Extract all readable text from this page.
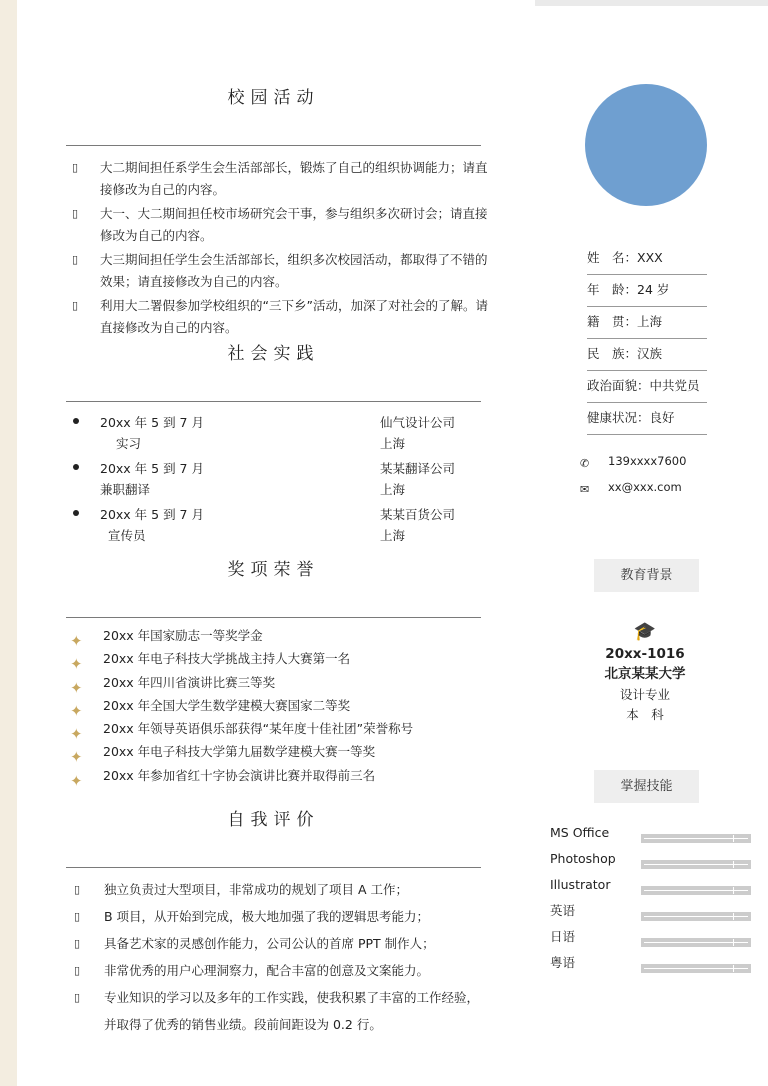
校园活动
▯ 大二期间担任系学生会生活部部长，锻炼了自己的组织协调能力；请直接修改为自己的内容。
▯ 大一、大二期间担任校市场研究会干事，参与组织多次研讨会；请直接修改为自己的内容。
▯ 大三期间担任学生会生活部部长，组织多次校园活动，都取得了不错的效果；请直接修改为自己的内容。
▯ 利用大二署假参加学校组织的“三下乡”活动，加深了对社会的了解。请直接修改为自己的内容。
社会实践
20xx 年 5 到 7 月
实习
仙气设计公司
上海
20xx 年 5 到 7 月
兼职翻译
某某翻译公司
上海
20xx 年 5 到 7 月
宣传员
某某百货公司
上海
奖项荣誉
✦ 20xx 年国家励志一等奖学金
✦ 20xx 年电子科技大学挑战主持人大赛第一名
✦ 20xx 年四川省演讲比赛三等奖
✦ 20xx 年全国大学生数学建模大赛国家二等奖
✦ 20xx 年领导英语俱乐部获得“某年度十佳社团”荣誉称号
✦ 20xx 年电子科技大学第九届数学建模大赛一等奖
✦ 20xx 年参加省红十字协会演讲比赛并取得前三名
自我评价
▯ 独立负责过大型项目，非常成功的规划了项目 A 工作；
▯ B 项目，从开始到完成，极大地加强了我的逻辑思考能力；
▯ 具备艺术家的灵感创作能力，公司公认的首席 PPT 制作人；
▯ 非常优秀的用户心理洞察力，配合丰富的创意及文案能力。
▯ 专业知识的学习以及多年的工作实践，使我积累了丰富的工作经验，并取得了优秀的销售业绩。段前间距设为 0.2 行。
姓　名：XXX
年　龄：24 岁
籍　贯：上海
民　族：汉族
政治面貌：中共党员
健康状况：良好
✆ 139xxxx7600
✉ xx@xxx.com
教育背景
🎓
20xx-1016
北京某某大学
设计专业
本　科
掌握技能
MS Office
Photoshop
Illustrator
英语
日语
粤语
